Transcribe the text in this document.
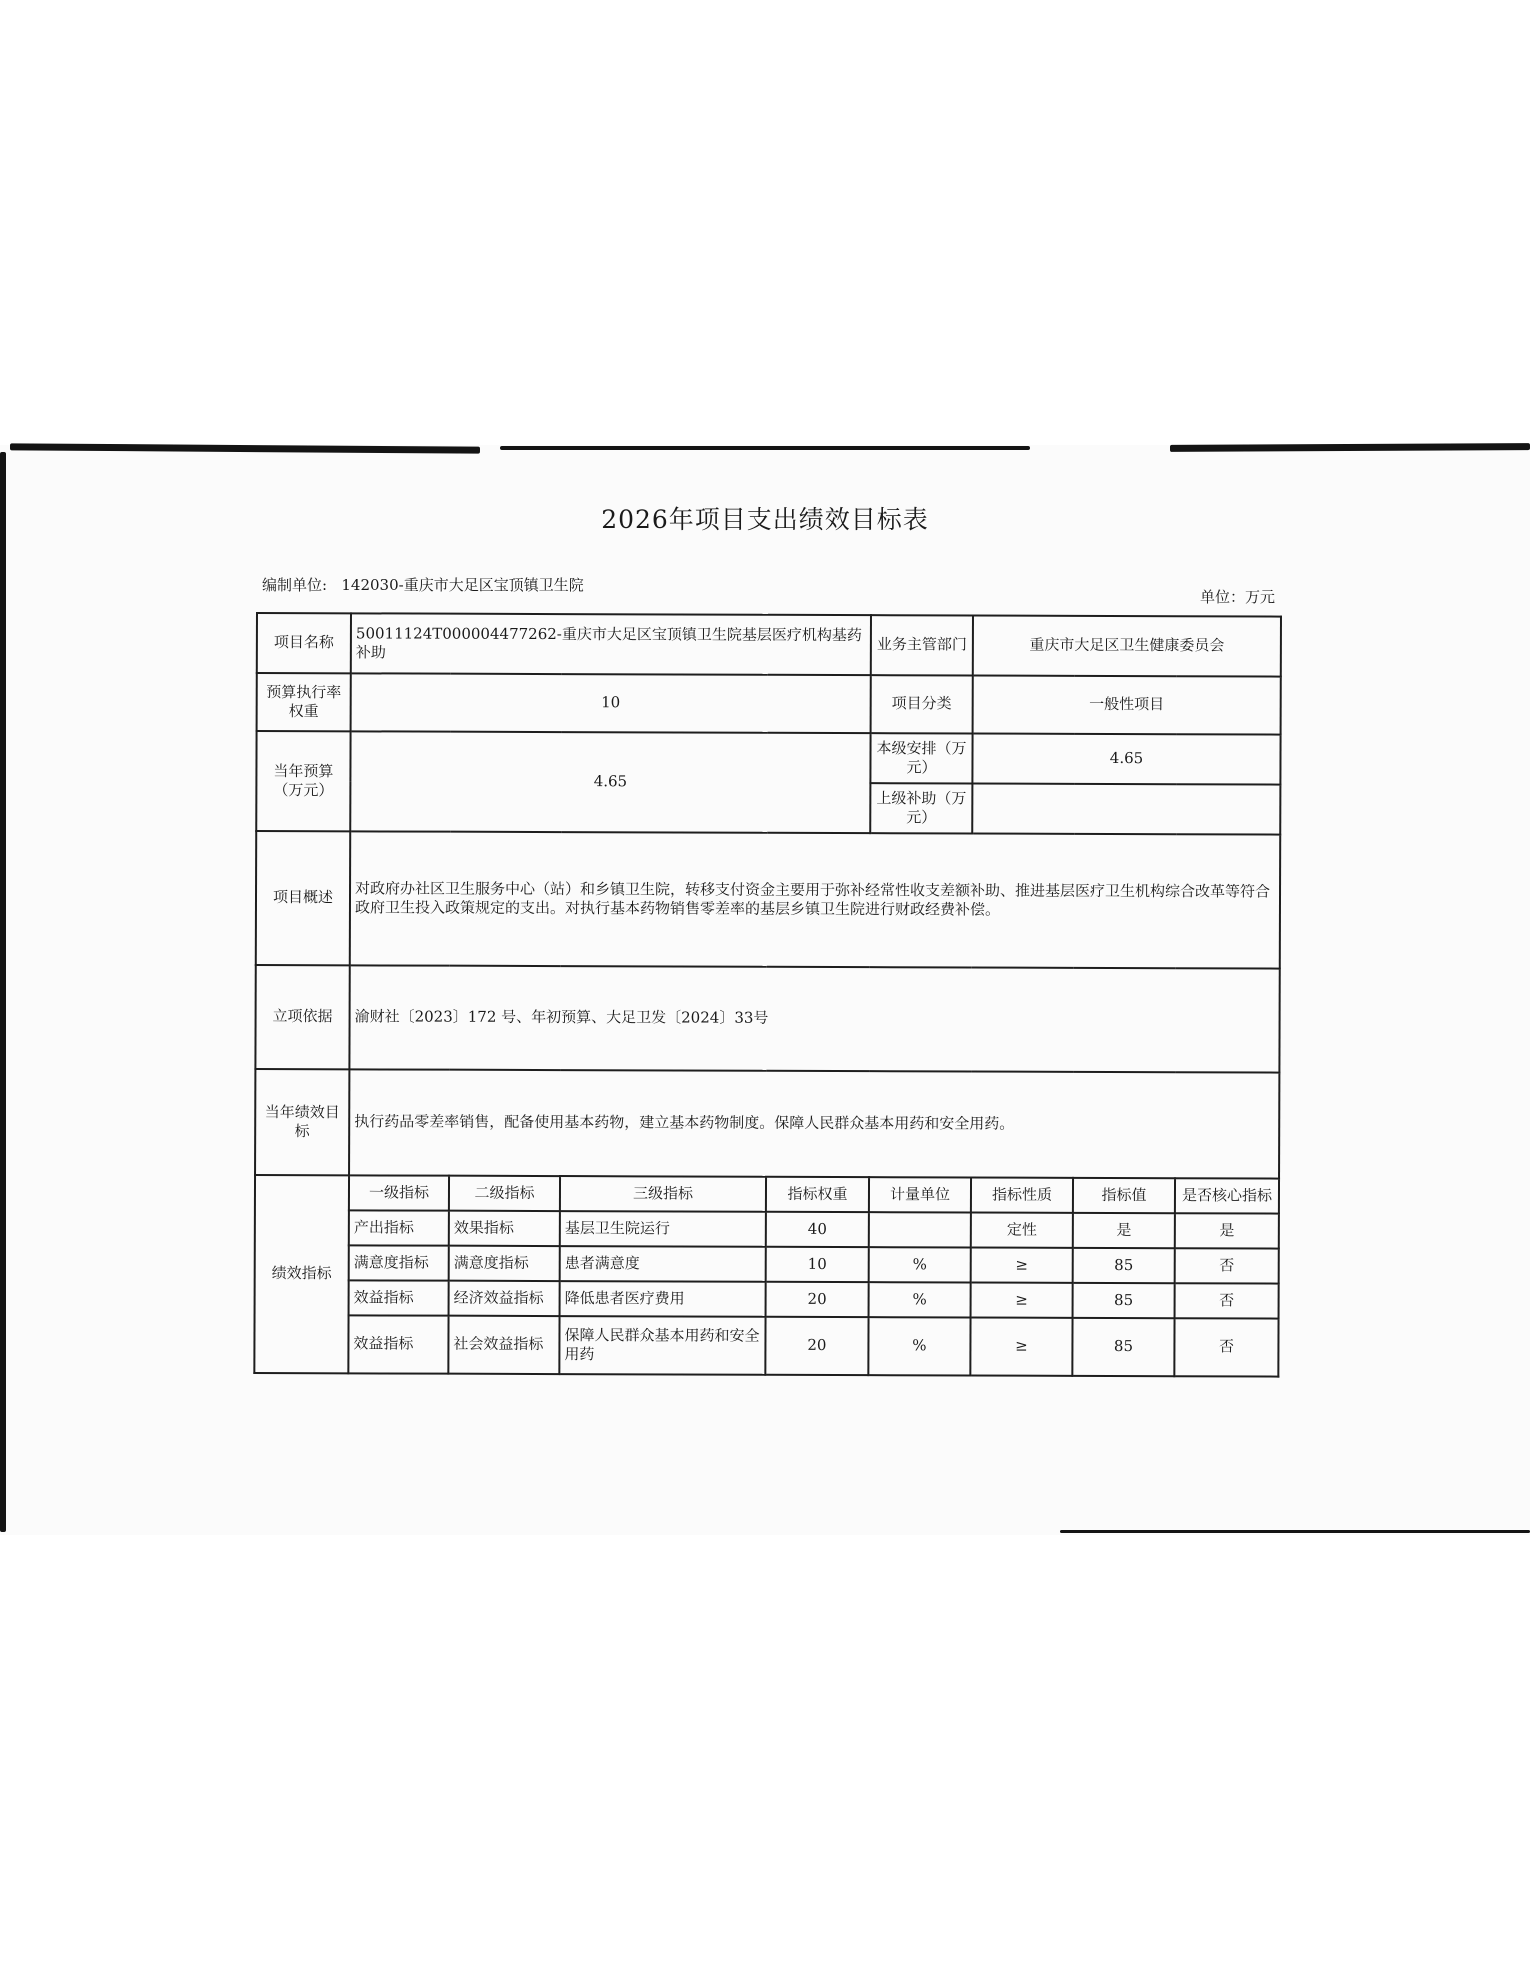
2026年项目支出绩效目标表
编制单位: 142030-重庆市大足区宝顶镇卫生院
单位：万元
项目名称	50011124T000004477262-重庆市大足区宝顶镇卫生院基层医疗机构基药补助				业务主管部门	重庆市大足区卫生健康委员会		
预算执行率权重	10				项目分类	一般性项目		
当年预算（万元）	4.65				本级安排（万元）	4.65		
					上级补助（万元）			
项目概述	对政府办社区卫生服务中心（站）和乡镇卫生院，转移支付资金主要用于弥补经常性收支差额补助、推进基层医疗卫生机构综合改革等符合政府卫生投入政策规定的支出。对执行基本药物销售零差率的基层乡镇卫生院进行财政经费补偿。							
立项依据	渝财社〔2023〕172 号、年初预算、大足卫发〔2024〕33号							
当年绩效目标	执行药品零差率销售，配备使用基本药物，建立基本药物制度。保障人民群众基本用药和安全用药。							
绩效指标	一级指标	二级指标	三级指标	指标权重	计量单位	指标性质	指标值	是否核心指标
	产出指标	效果指标	基层卫生院运行	40		定性	是	是
	满意度指标	满意度指标	患者满意度	10	%	≥	85	否
	效益指标	经济效益指标	降低患者医疗费用	20	%	≥	85	否
	效益指标	社会效益指标	保障人民群众基本用药和安全用药	20	%	≥	85	否
